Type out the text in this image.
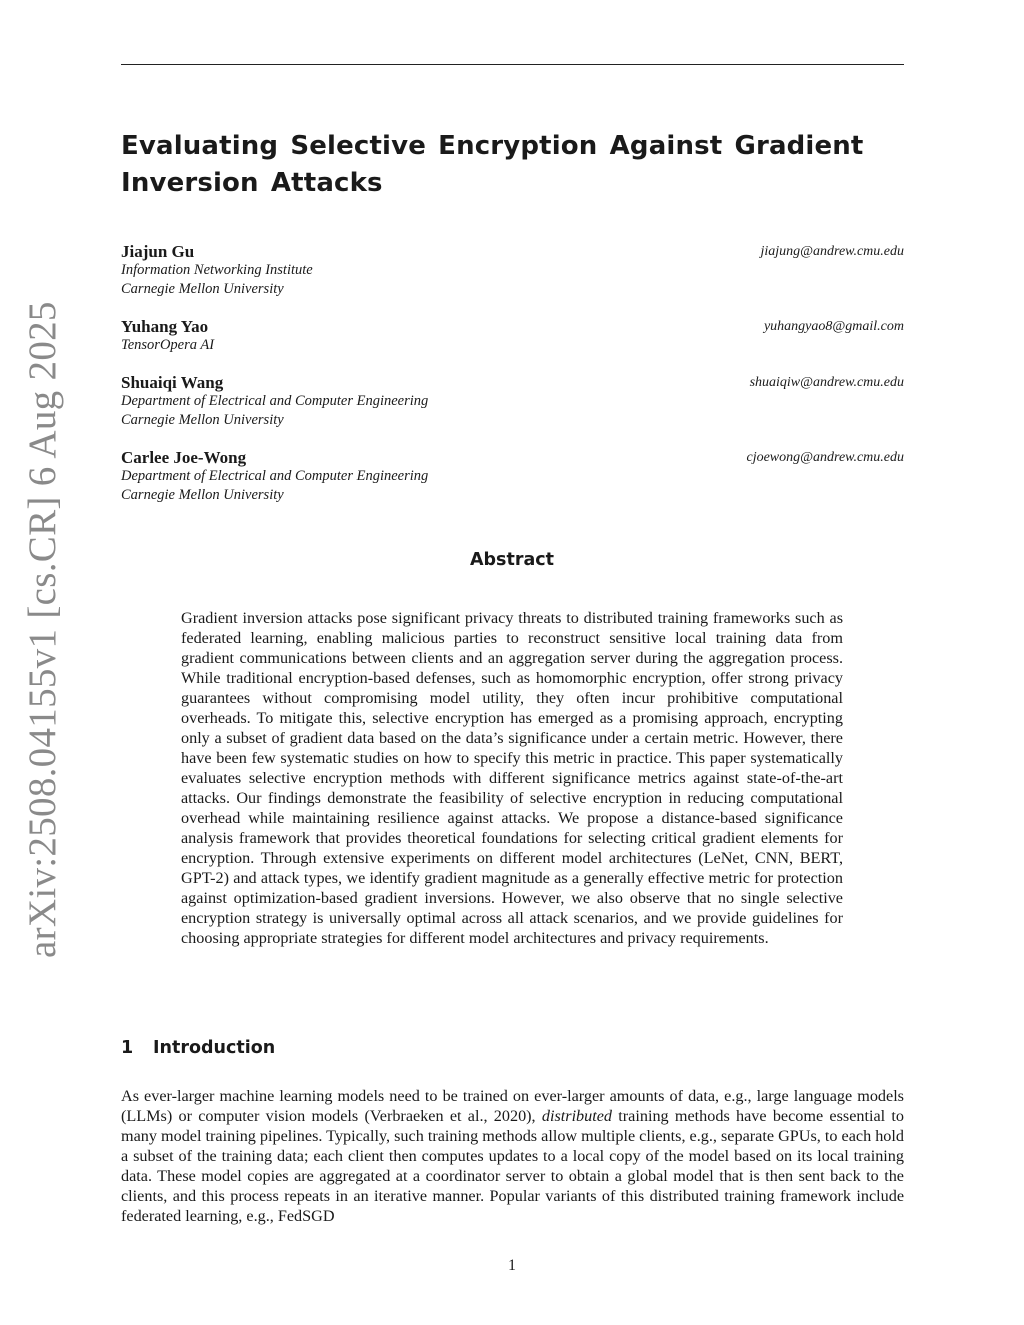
arXiv:2508.04155v1 [cs.CR] 6 Aug 2025
Evaluating Selective Encryption Against Gradient Inversion Attacks
Jiajun Gu	jiajung@andrew.cmu.edu
Information Networking Institute
Carnegie Mellon University
Yuhang Yao	yuhangyao8@gmail.com
TensorOpera AI
Shuaiqi Wang	shuaiqiw@andrew.cmu.edu
Department of Electrical and Computer Engineering
Carnegie Mellon University
Carlee Joe-Wong	cjoewong@andrew.cmu.edu
Department of Electrical and Computer Engineering
Carnegie Mellon University
Abstract

Gradient inversion attacks pose significant privacy threats to distributed training frameworks such as federated learning, enabling malicious parties to reconstruct sensitive local training data from gradient communications between clients and an aggregation server during the aggregation process. While traditional encryption-based defenses, such as homomorphic encryption, offer strong privacy guarantees without compromising model utility, they often incur prohibitive computational overheads. To mitigate this, selective encryption has emerged as a promising approach, encrypting only a subset of gradient data based on the data’s significance under a certain metric. However, there have been few systematic studies on how to specify this metric in practice. This paper systematically evaluates selective encryption methods with different significance metrics against state-of-the-art attacks. Our findings demonstrate the feasibility of selective encryption in reducing computational overhead while maintaining resilience against attacks. We propose a distance-based significance analysis framework that provides theoretical foundations for selecting critical gradient elements for encryption. Through extensive experiments on different model architectures (LeNet, CNN, BERT, GPT-2) and attack types, we identify gradient magnitude as a generally effective metric for protection against optimization-based gradient inversions. However, we also observe that no single selective encryption strategy is universally optimal across all attack scenarios, and we provide guidelines for choosing appropriate strategies for different model architectures and privacy requirements.

1 Introduction

As ever-larger machine learning models need to be trained on ever-larger amounts of data, e.g., large language models (LLMs) or computer vision models (Verbraeken et al., 2020), distributed training methods have become essential to many model training pipelines. Typically, such training methods allow multiple clients, e.g., separate GPUs, to each hold a subset of the training data; each client then computes updates to a local copy of the model based on its local training data. These model copies are aggregated at a coordinator server to obtain a global model that is then sent back to the clients, and this process repeats in an iterative manner. Popular variants of this distributed training framework include federated learning, e.g., FedSGD

1
